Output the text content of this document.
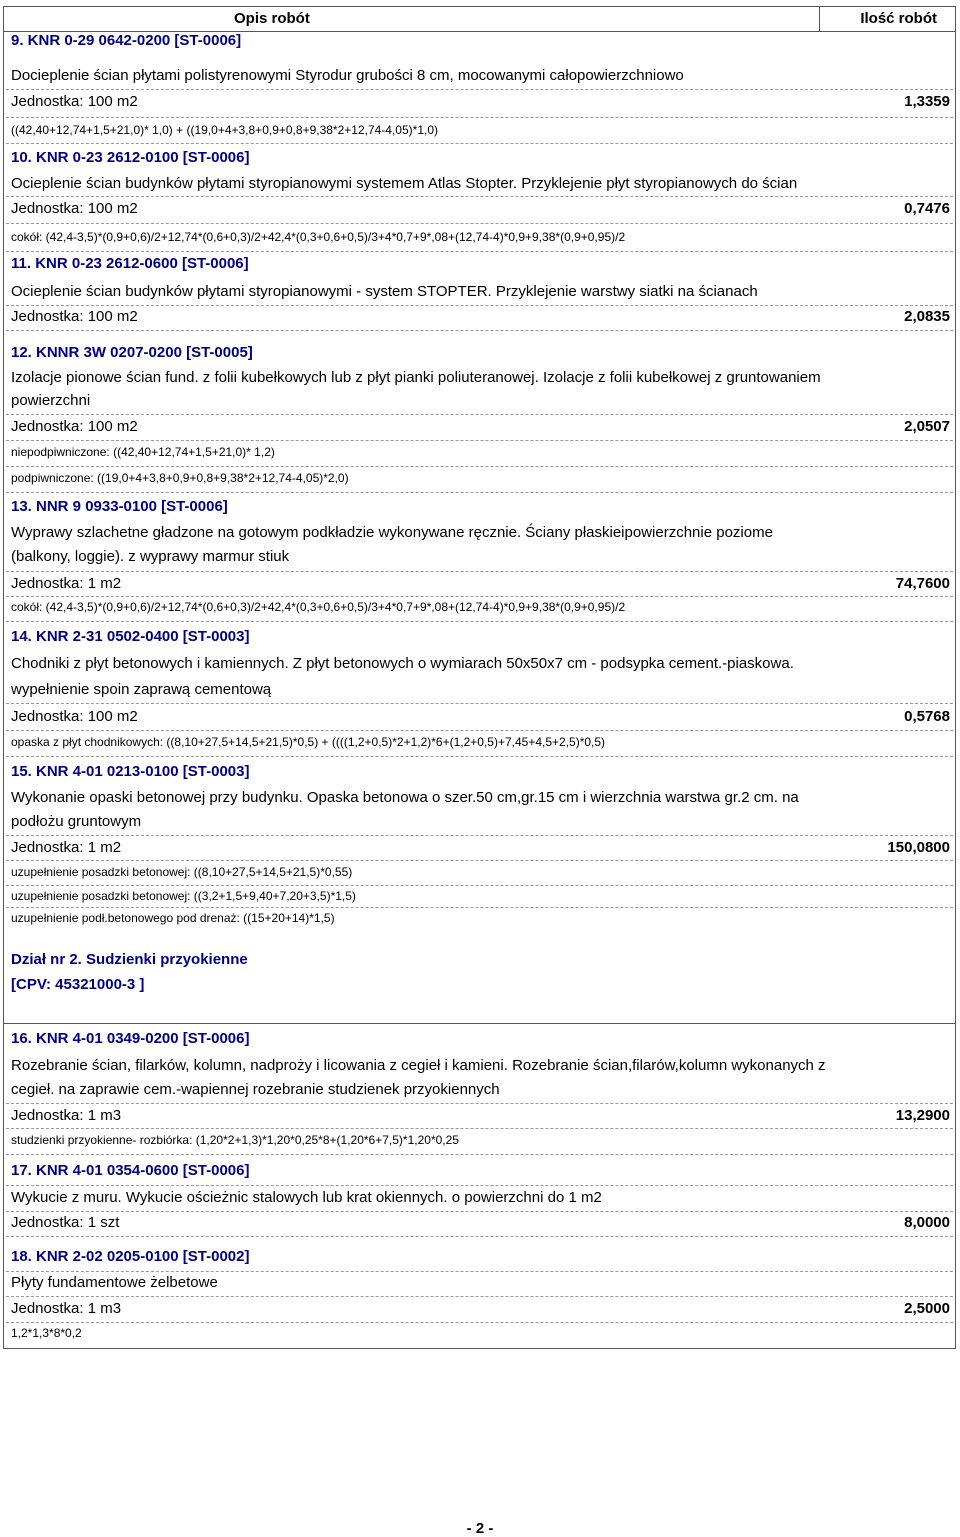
Opis robót	Ilość robót
9. KNR 0-29 0642-0200 [ST-0006]
Docieplenie ścian płytami polistyrenowymi Styrodur grubości 8 cm, mocowanymi całopowierzchniowo
Jednostka: 100 m2	1,3359
((42,40+12,74+1,5+21,0)* 1,0) + ((19,0+4+3,8+0,9+0,8+9,38*2+12,74-4,05)*1,0)
10. KNR 0-23 2612-0100 [ST-0006]
Ocieplenie ścian budynków płytami styropianowymi systemem Atlas Stopter. Przyklejenie płyt styropianowych do ścian
Jednostka: 100 m2	0,7476
cokół: (42,4-3,5)*(0,9+0,6)/2+12,74*(0,6+0,3)/2+42,4*(0,3+0,6+0,5)/3+4*0,7+9*,08+(12,74-4)*0,9+9,38*(0,9+0,95)/2
11. KNR 0-23 2612-0600 [ST-0006]
Ocieplenie ścian budynków płytami styropianowymi - system STOPTER. Przyklejenie warstwy siatki na ścianach
Jednostka: 100 m2	2,0835
12. KNNR 3W 0207-0200 [ST-0005]
Izolacje pionowe ścian fund. z folii kubełkowych lub z płyt pianki poliuteranowej. Izolacje z folii kubełkowej z gruntowaniem
powierzchni
Jednostka: 100 m2	2,0507
niepodpiwniczone: ((42,40+12,74+1,5+21,0)* 1,2)
podpiwniczone: ((19,0+4+3,8+0,9+0,8+9,38*2+12,74-4,05)*2,0)
13. NNR 9 0933-0100 [ST-0006]
Wyprawy szlachetne gładzone na gotowym podkładzie wykonywane ręcznie. Ściany płaskieipowierzchnie poziome
(balkony, loggie). z wyprawy marmur stiuk
Jednostka: 1 m2	74,7600
cokół: (42,4-3,5)*(0,9+0,6)/2+12,74*(0,6+0,3)/2+42,4*(0,3+0,6+0,5)/3+4*0,7+9*,08+(12,74-4)*0,9+9,38*(0,9+0,95)/2
14. KNR 2-31 0502-0400 [ST-0003]
Chodniki z płyt betonowych i kamiennych. Z płyt betonowych o wymiarach 50x50x7 cm - podsypka cement.-piaskowa.
wypełnienie spoin zaprawą cementową
Jednostka: 100 m2	0,5768
opaska z płyt chodnikowych: ((8,10+27,5+14,5+21,5)*0,5) + ((((1,2+0,5)*2+1,2)*6+(1,2+0,5)+7,45+4,5+2,5)*0,5)
15. KNR 4-01 0213-0100 [ST-0003]
Wykonanie opaski betonowej przy budynku. Opaska betonowa o szer.50 cm,gr.15 cm i wierzchnia warstwa gr.2 cm. na
podłożu gruntowym
Jednostka: 1 m2	150,0800
uzupełnienie posadzki betonowej: ((8,10+27,5+14,5+21,5)*0,55)
uzupełnienie posadzki betonowej: ((3,2+1,5+9,40+7,20+3,5)*1,5)
uzupełnienie podł.betonowego pod drenaż: ((15+20+14)*1,5)
16. KNR 4-01 0349-0200 [ST-0006]
Rozebranie ścian, filarków, kolumn, nadproży i licowania z cegieł i kamieni. Rozebranie ścian,filarów,kolumn wykonanych z
cegieł. na zaprawie cem.-wapiennej rozebranie studzienek przyokiennych
Jednostka: 1 m3	13,2900
studzienki przyokienne- rozbiórka: (1,20*2+1,3)*1,20*0,25*8+(1,20*6+7,5)*1,20*0,25
17. KNR 4-01 0354-0600 [ST-0006]
Wykucie z muru. Wykucie ościeżnic stalowych lub krat okiennych. o powierzchni do 1 m2
Jednostka: 1 szt	8,0000
18. KNR 2-02 0205-0100 [ST-0002]
Płyty fundamentowe żelbetowe
Jednostka: 1 m3	2,5000
1,2*1,3*8*0,2
Dział nr 2. Sudzienki przyokienne
[CPV: 45321000-3 ]
- 2 -
